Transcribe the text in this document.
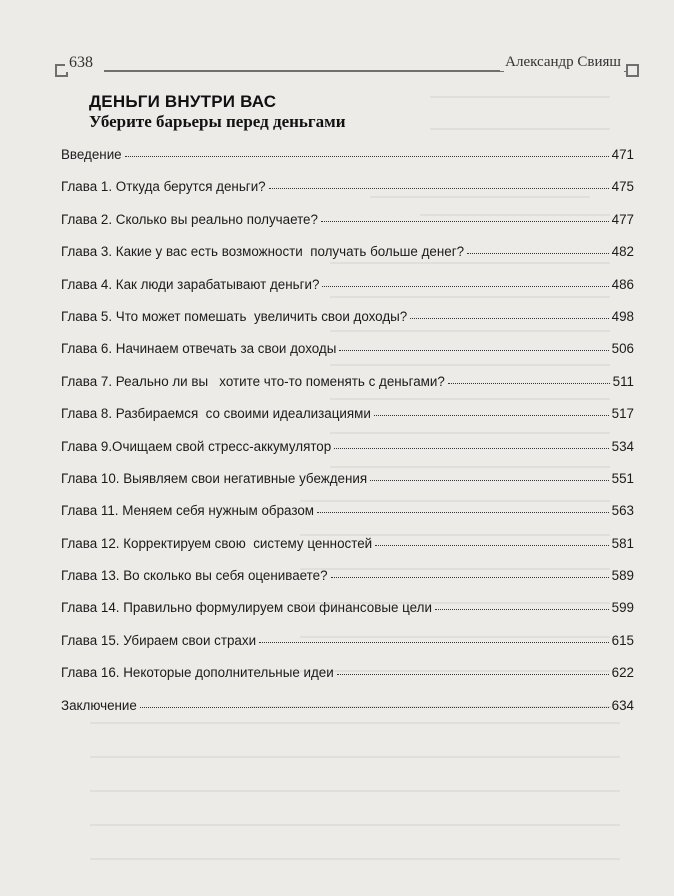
638	Александр Свияш
ДЕНЬГИ ВНУТРИ ВАС
Уберите барьеры перед деньгами
Введение	471
Глава 1. Откуда берутся деньги?	475
Глава 2. Сколько вы реально получаете?	477
Глава 3. Какие у вас есть возможности  получать больше денег?	482
Глава 4. Как люди зарабатывают деньги?	486
Глава 5. Что может помешать  увеличить свои доходы?	498
Глава 6. Начинаем отвечать за свои доходы	506
Глава 7. Реально ли вы   хотите что-то поменять с деньгами?	511
Глава 8. Разбираемся  со своими идеализациями	517
Глава 9.Очищаем свой стресс-аккумулятор	534
Глава 10. Выявляем свои негативные убеждения	551
Глава 11. Меняем себя нужным образом	563
Глава 12. Корректируем свою  систему ценностей	581
Глава 13. Во сколько вы себя оцениваете?	589
Глава 14. Правильно формулируем свои финансовые цели	599
Глава 15. Убираем свои страхи	615
Глава 16. Некоторые дополнительные идеи	622
Заключение	634
